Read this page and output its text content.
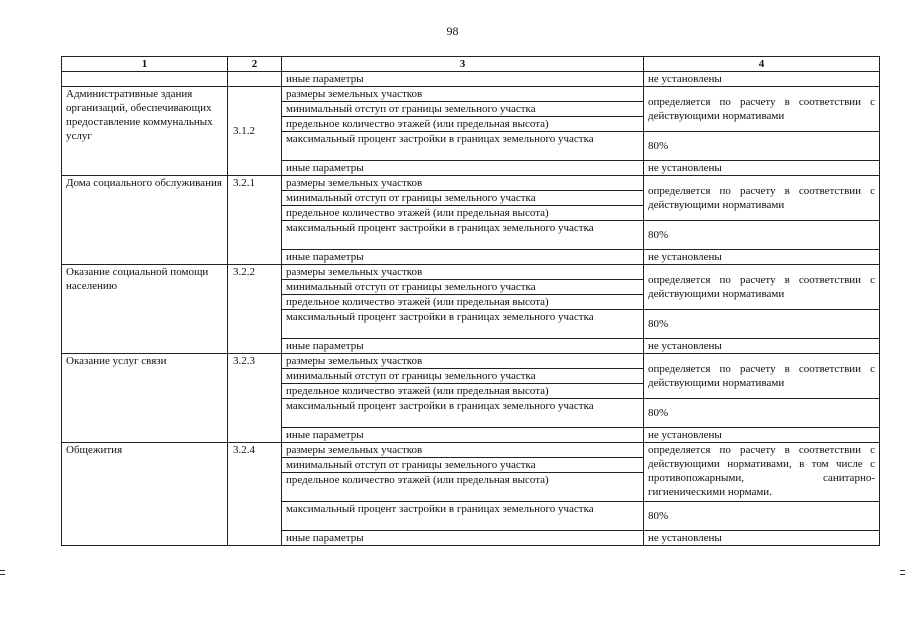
98
1	2	3	4
		иные параметры	не установлены
Административные здания организаций, обеспечивающих предоставление коммунальных услуг	3.1.2	размеры земельных участков	определяется по расчету в соответствии с действующими нормативами
		минимальный отступ от границы земельного участка	
		предельное количество этажей (или предельная высота)	
		максимальный процент застройки в границах земельного участка	80%
		иные параметры	не установлены
Дома социального обслуживания	3.2.1	размеры земельных участков	определяется по расчету в соответствии с действующими нормативами
		минимальный отступ от границы земельного участка	
		предельное количество этажей (или предельная высота)	
		максимальный процент застройки в границах земельного участка	80%
		иные параметры	не установлены
Оказание социальной помощи населению	3.2.2	размеры земельных участков	определяется по расчету в соответствии с действующими нормативами
		минимальный отступ от границы земельного участка	
		предельное количество этажей (или предельная высота)	
		максимальный процент застройки в границах земельного участка	80%
		иные параметры	не установлены
Оказание услуг связи	3.2.3	размеры земельных участков	определяется по расчету в соответствии с действующими нормативами
		минимальный отступ от границы земельного участка	
		предельное количество этажей (или предельная высота)	
		максимальный процент застройки в границах земельного участка	80%
		иные параметры	не установлены
Общежития	3.2.4	размеры земельных участков	определяется по расчету в соответствии с действующими нормативами, в том числе с противопожарными, санитарно-гигиеническими нормами.
		минимальный отступ от границы земельного участка	
		предельное количество этажей (или предельная высота)	
		максимальный процент застройки в границах земельного участка	80%
		иные параметры	не установлены
